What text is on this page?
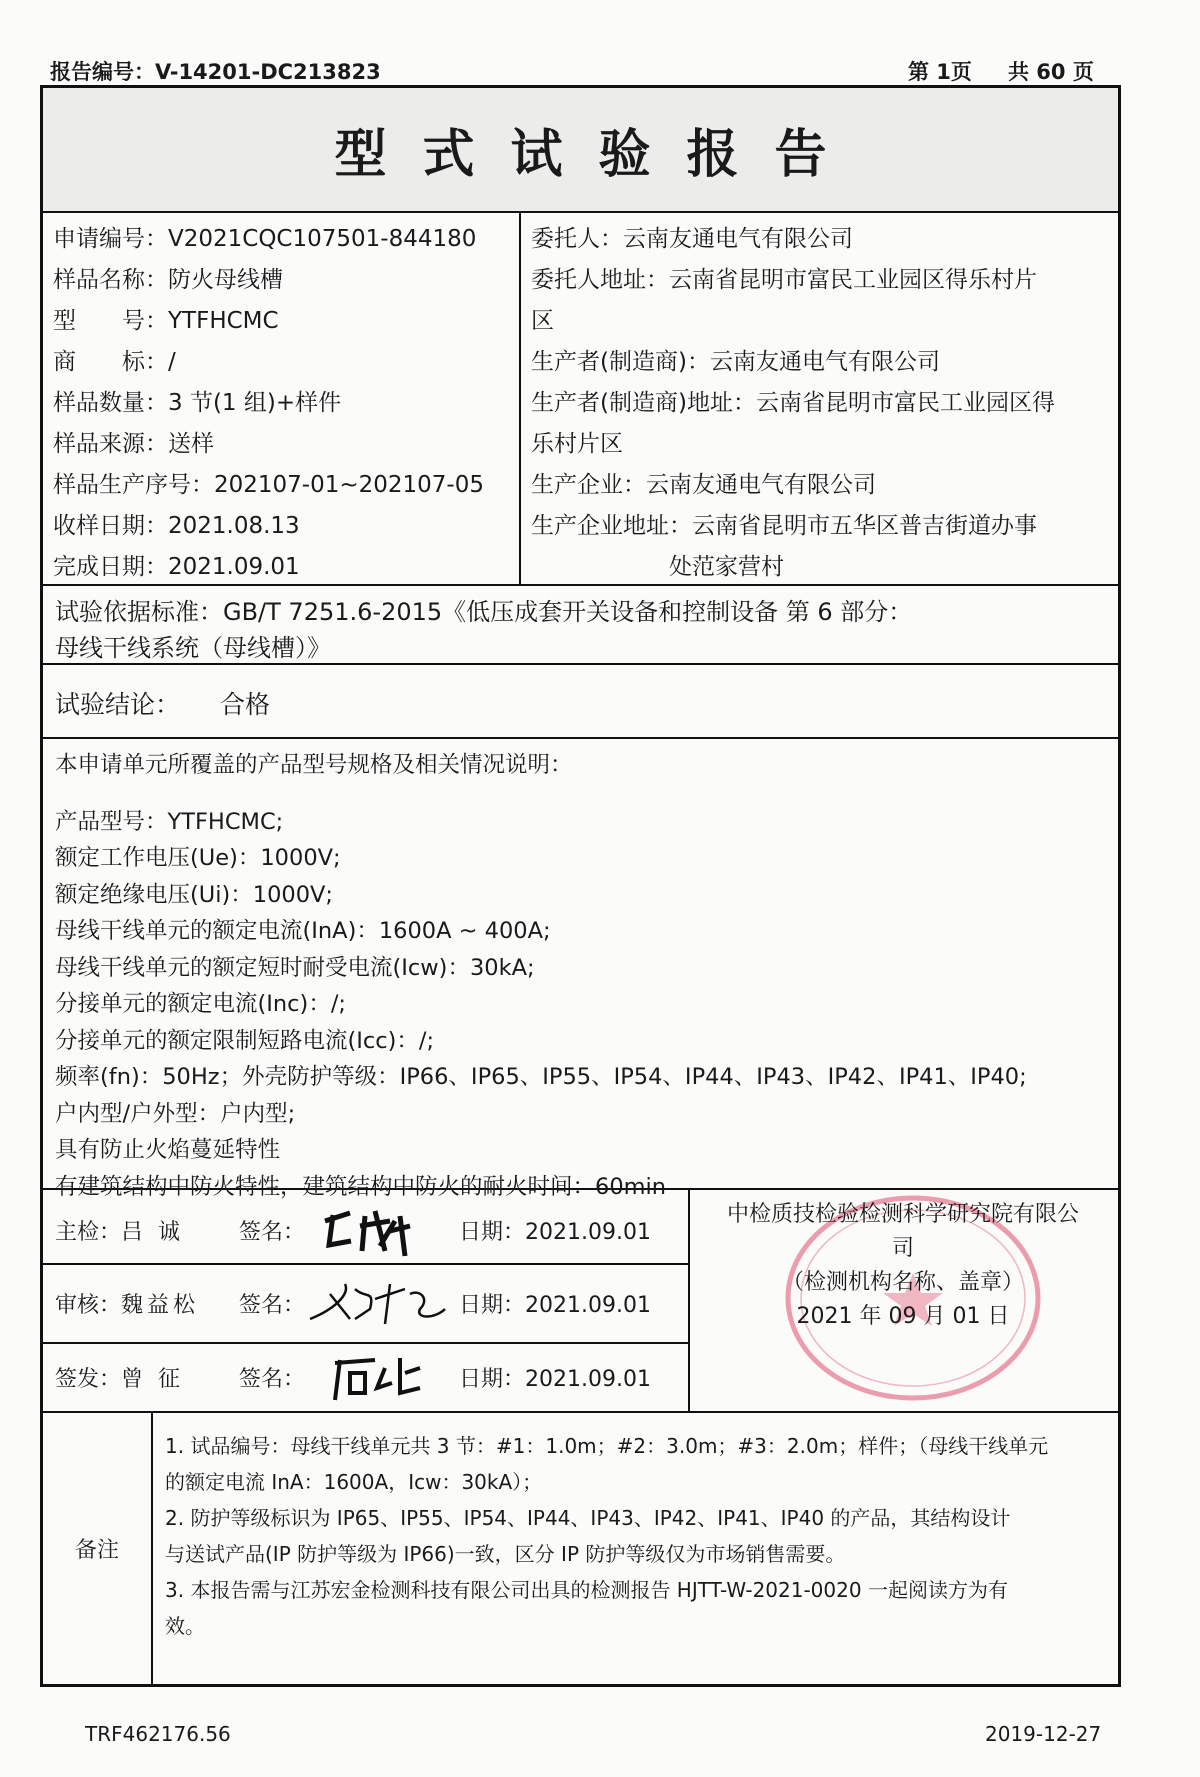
报告编号：V-14201-DC213823	第 1页 共 60 页
型式试验报告
申请编号：V2021CQC107501-844180
样品名称：防火母线槽
型　　号：YTFHCMC
商　　标：/
样品数量：3 节(1 组)+样件
样品来源：送样
样品生产序号：202107-01~202107-05
收样日期：2021.08.13
完成日期：2021.09.01
委托人：云南友通电气有限公司
委托人地址：云南省昆明市富民工业园区得乐村片
区
生产者(制造商)：云南友通电气有限公司
生产者(制造商)地址：云南省昆明市富民工业园区得
乐村片区
生产企业：云南友通电气有限公司
生产企业地址：云南省昆明市五华区普吉街道办事
　　　　　　处范家营村
试验依据标准：GB/T 7251.6-2015《低压成套开关设备和控制设备 第 6 部分：
母线干线系统（母线槽）》
试验结论： 合格
本申请单元所覆盖的产品型号规格及相关情况说明：
产品型号：YTFHCMC;
额定工作电压(Ue)：1000V;
额定绝缘电压(Ui)：1000V;
母线干线单元的额定电流(InA)：1600A ~ 400A;
母线干线单元的额定短时耐受电流(Icw)：30kA;
分接单元的额定电流(Inc)：/;
分接单元的额定限制短路电流(Icc)：/;
频率(fn)：50Hz；外壳防护等级：IP66、IP65、IP55、IP54、IP44、IP43、IP42、IP41、IP40;
户内型/户外型：户内型;
具有防止火焰蔓延特性
有建筑结构中防火特性，建筑结构中防火的耐火时间：60min
主检： 吕 诚	签名：	日期：2021.09.01
审核： 魏益松	签名：	日期：2021.09.01
签发： 曾 征	签名：	日期：2021.09.01
中检质技检验检测科学研究院有限公
司
（检测机构名称、盖章）
2021 年 09 月 01 日
备注
1. 试品编号：母线干线单元共 3 节：#1：1.0m；#2：3.0m；#3：2.0m；样件；（母线干线单元
的额定电流 InA：1600A，Icw：30kA）；
2. 防护等级标识为 IP65、IP55、IP54、IP44、IP43、IP42、IP41、IP40 的产品，其结构设计
与送试产品(IP 防护等级为 IP66)一致，区分 IP 防护等级仅为市场销售需要。
3. 本报告需与江苏宏金检测科技有限公司出具的检测报告 HJTT-W-2021-0020 一起阅读方为有
效。
TRF462176.56	2019-12-27
